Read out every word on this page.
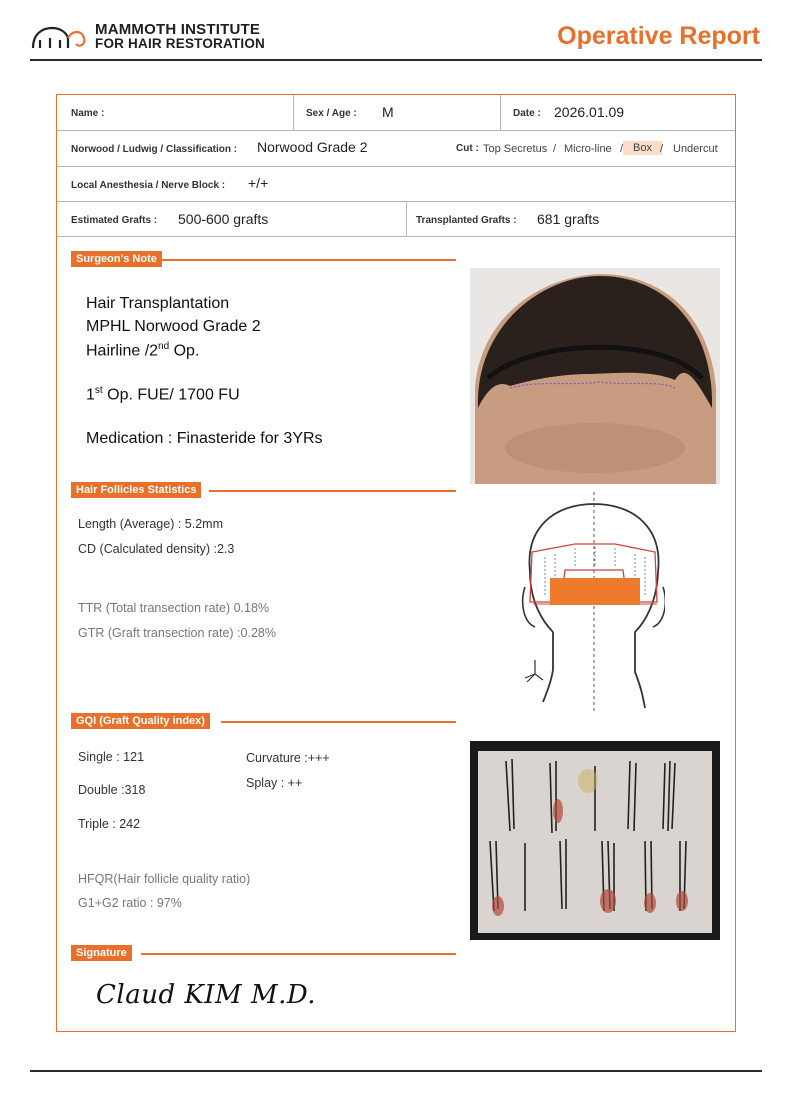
MAMMOTH INSTITUTE
FOR HAIR RESTORATION	Operative Report
Name :	Sex / Age : M	Date : 2026.01.09
Norwood / Ludwig / Classification : Norwood Grade 2	Cut : Top Secretus / Micro-line / Box / Undercut
Local Anesthesia / Nerve Block : +/+
Estimated Grafts : 500-600 grafts	Transplanted Grafts : 681 grafts
Surgeon's Note
Hair Transplantation
MPHL Norwood Grade 2
Hairline /2nd Op.
1st Op. FUE/ 1700 FU
Medication : Finasteride for 3YRs
Hair Follicles Statistics
Length (Average) : 5.2mm
CD (Calculated density) :2.3
TTR (Total transection rate) 0.18%
GTR (Graft transection rate) :0.28%
GQI (Graft Quality index)
Single : 121
Double :318
Triple : 242
Curvature :+++
Splay : ++
HFQR(Hair follicle quality ratio)
G1+G2 ratio : 97%
Signature
Claud KIM M.D.
